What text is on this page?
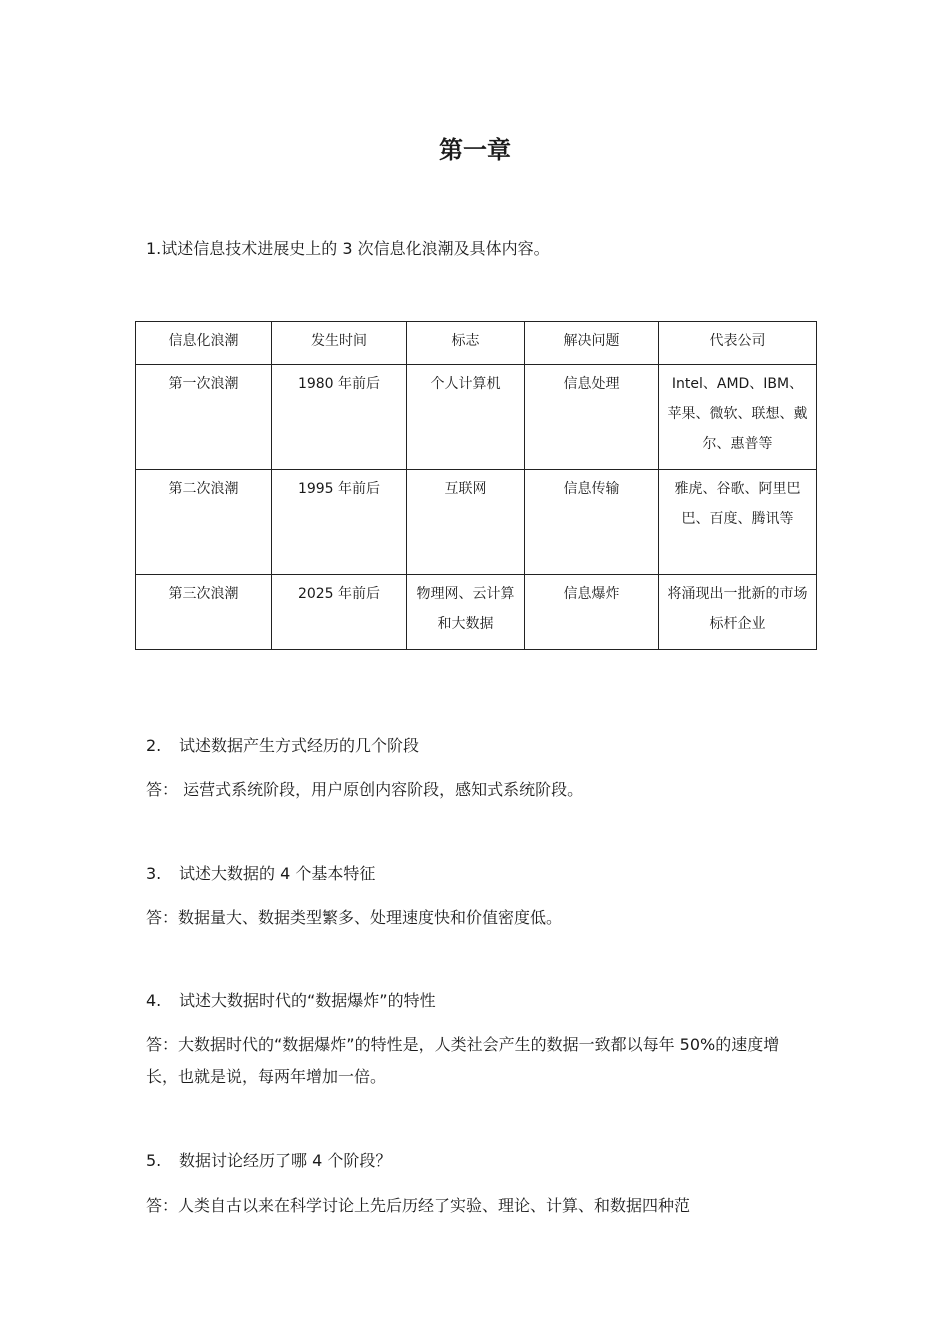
第一章
1.试述信息技术进展史上的 3 次信息化浪潮及具体内容。
信息化浪潮	发生时间	标志	解决问题	代表公司
第一次浪潮	1980 年前后	个人计算机	信息处理	Intel、AMD、IBM、苹果、微软、联想、戴尔、惠普等
第二次浪潮	1995 年前后	互联网	信息传输	雅虎、谷歌、阿里巴巴、百度、腾讯等
第三次浪潮	2025 年前后	物理网、云计算和大数据	信息爆炸	将涌现出一批新的市场标杆企业
2. 试述数据产生方式经历的几个阶段
答： 运营式系统阶段，用户原创内容阶段，感知式系统阶段。
3. 试述大数据的 4 个基本特征
答：数据量大、数据类型繁多、处理速度快和价值密度低。
4. 试述大数据时代的“数据爆炸”的特性
答：大数据时代的“数据爆炸”的特性是，人类社会产生的数据一致都以每年 50%的速度增长，也就是说，每两年增加一倍。
5. 数据讨论经历了哪 4 个阶段？
答：人类自古以来在科学讨论上先后历经了实验、理论、计算、和数据四种范
